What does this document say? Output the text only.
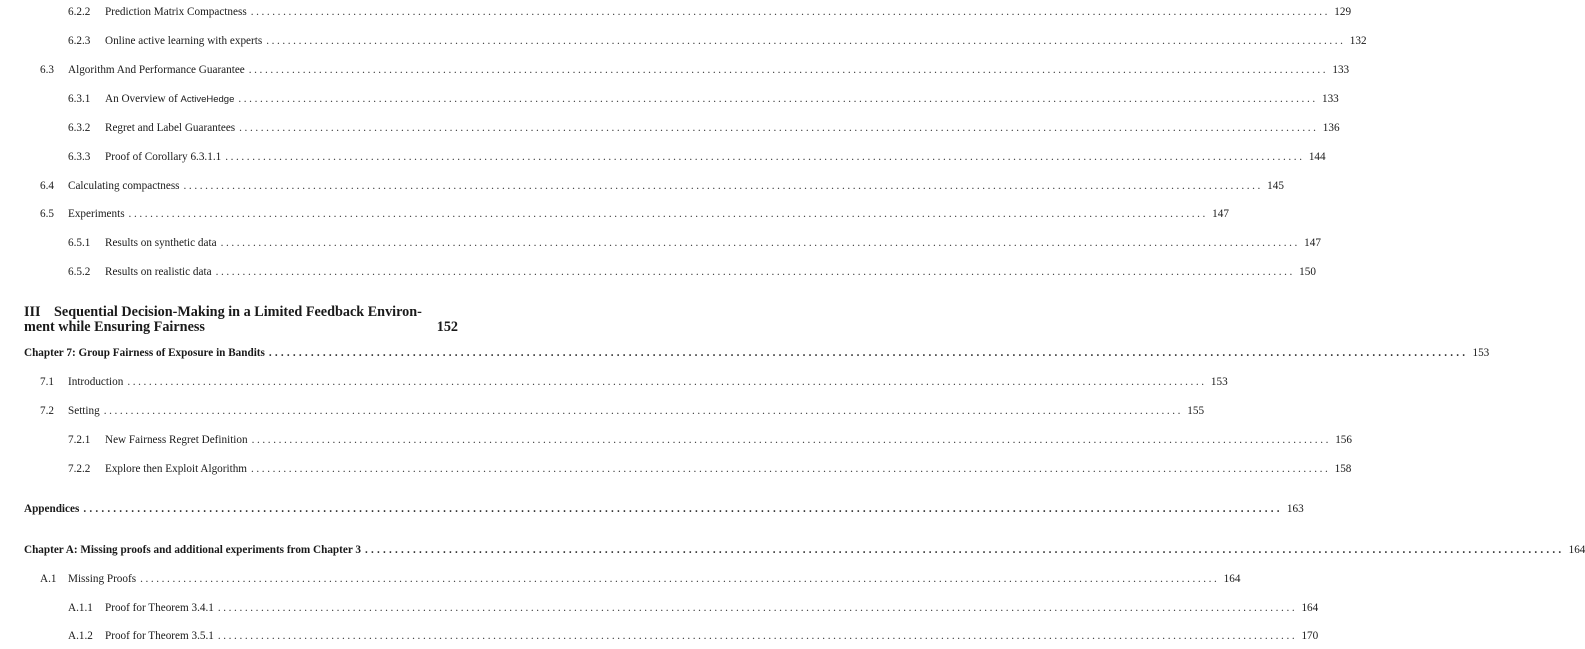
6.2.2	Prediction Matrix Compactness ........................................................................................................................................................................................................ 129
6.2.3	Online active learning with experts ........................................................................................................................................................................................................ 132
6.3	Algorithm And Performance Guarantee ........................................................................................................................................................................................................ 133
6.3.1	An Overview of ActiveHedge ........................................................................................................................................................................................................ 133
6.3.2	Regret and Label Guarantees ........................................................................................................................................................................................................ 136
6.3.3	Proof of Corollary 6.3.1.1 ........................................................................................................................................................................................................ 144
6.4	Calculating compactness ........................................................................................................................................................................................................ 145
6.5	Experiments ........................................................................................................................................................................................................ 147
6.5.1	Results on synthetic data ........................................................................................................................................................................................................ 147
6.5.2	Results on realistic data ........................................................................................................................................................................................................ 150
III Sequential Decision-Making in a Limited Feedback Environ-
ment while Ensuring Fairness	152
Chapter 7: Group Fairness of Exposure in Bandits ........................................................................................................................................................................................................ 153
7.1	Introduction ........................................................................................................................................................................................................ 153
7.2	Setting ........................................................................................................................................................................................................ 155
7.2.1	New Fairness Regret Definition ........................................................................................................................................................................................................ 156
7.2.2	Explore then Exploit Algorithm ........................................................................................................................................................................................................ 158
Appendices ........................................................................................................................................................................................................ 163
Chapter A: Missing proofs and additional experiments from Chapter 3 ........................................................................................................................................................................................................ 164
A.1	Missing Proofs ........................................................................................................................................................................................................ 164
A.1.1	Proof for Theorem 3.4.1 ........................................................................................................................................................................................................ 164
A.1.2	Proof for Theorem 3.5.1 ........................................................................................................................................................................................................ 170
